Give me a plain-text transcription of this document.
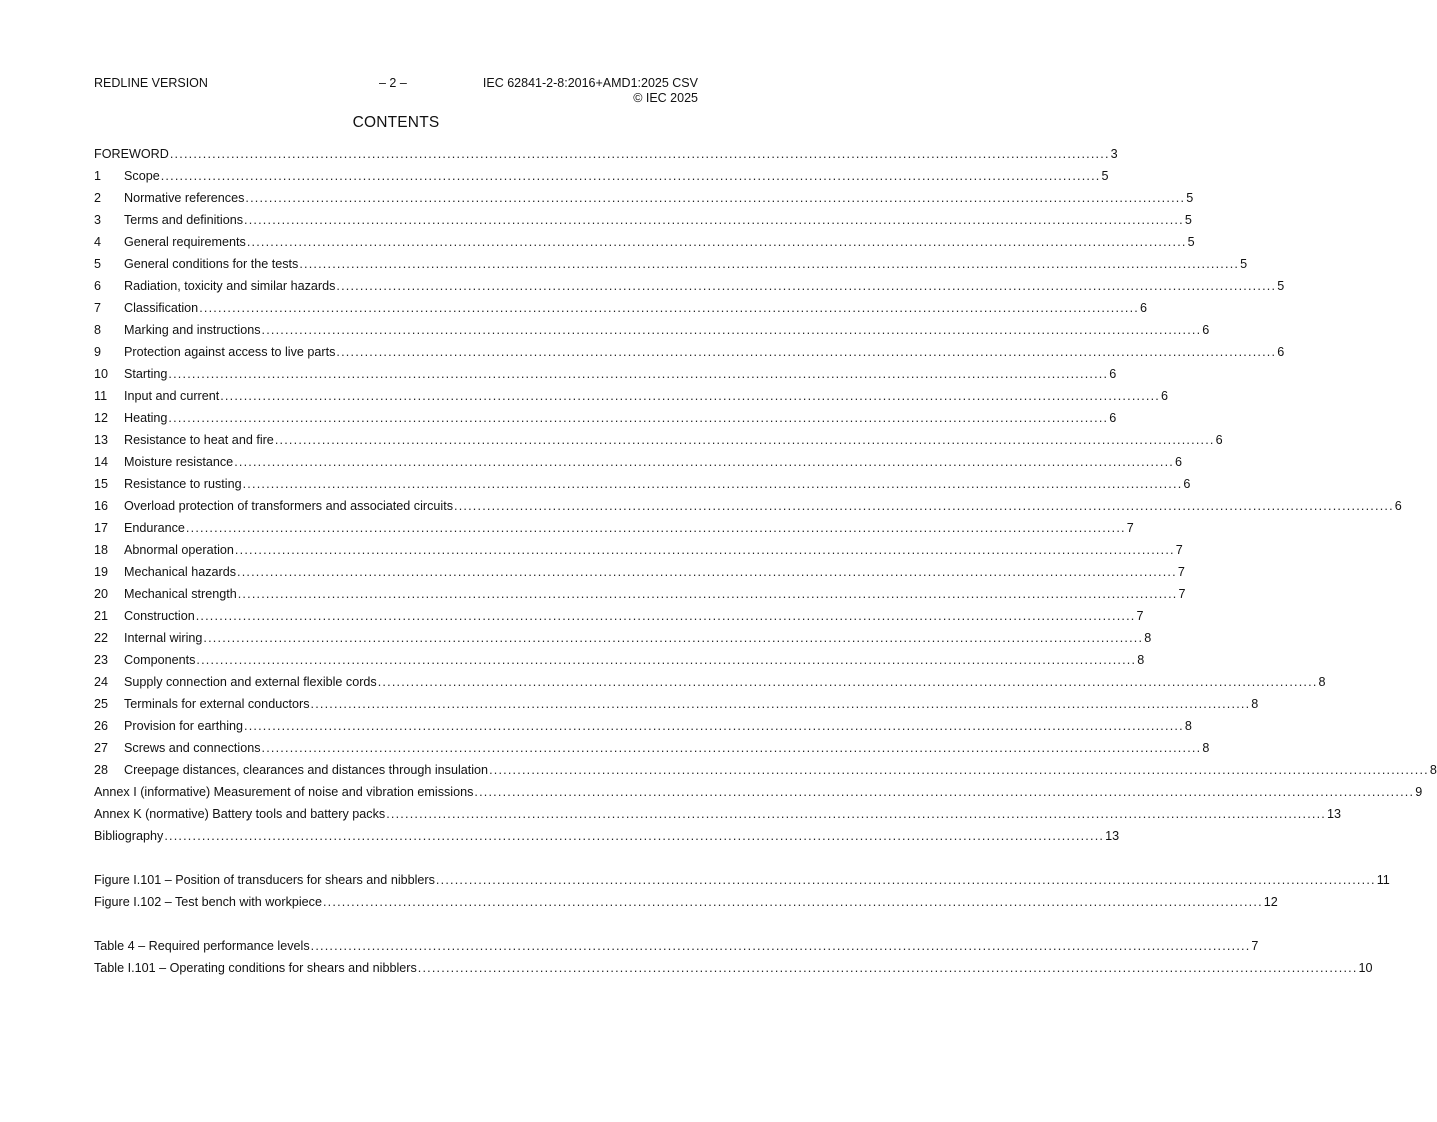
REDLINE VERSION	– 2 –	IEC 62841-2-8:2016+AMD1:2025 CSV
© IEC 2025
CONTENTS
FOREWORD ........................................................................................................................................................................................................ 3
1	Scope ........................................................................................................................................................................................................ 5
2	Normative references ........................................................................................................................................................................................................ 5
3	Terms and definitions ........................................................................................................................................................................................................ 5
4	General requirements ........................................................................................................................................................................................................ 5
5	General conditions for the tests ........................................................................................................................................................................................................ 5
6	Radiation, toxicity and similar hazards ........................................................................................................................................................................................................ 5
7	Classification ........................................................................................................................................................................................................ 6
8	Marking and instructions ........................................................................................................................................................................................................ 6
9	Protection against access to live parts ........................................................................................................................................................................................................ 6
10	Starting ........................................................................................................................................................................................................ 6
11	Input and current ........................................................................................................................................................................................................ 6
12	Heating ........................................................................................................................................................................................................ 6
13	Resistance to heat and fire ........................................................................................................................................................................................................ 6
14	Moisture resistance ........................................................................................................................................................................................................ 6
15	Resistance to rusting ........................................................................................................................................................................................................ 6
16	Overload protection of transformers and associated circuits ........................................................................................................................................................................................................ 6
17	Endurance ........................................................................................................................................................................................................ 7
18	Abnormal operation ........................................................................................................................................................................................................ 7
19	Mechanical hazards ........................................................................................................................................................................................................ 7
20	Mechanical strength ........................................................................................................................................................................................................ 7
21	Construction ........................................................................................................................................................................................................ 7
22	Internal wiring ........................................................................................................................................................................................................ 8
23	Components ........................................................................................................................................................................................................ 8
24	Supply connection and external flexible cords ........................................................................................................................................................................................................ 8
25	Terminals for external conductors ........................................................................................................................................................................................................ 8
26	Provision for earthing ........................................................................................................................................................................................................ 8
27	Screws and connections ........................................................................................................................................................................................................ 8
28	Creepage distances, clearances and distances through insulation ........................................................................................................................................................................................................ 8
Annex I (informative) Measurement of noise and vibration emissions ........................................................................................................................................................................................................ 9
Annex K (normative) Battery tools and battery packs ........................................................................................................................................................................................................ 13
Bibliography ........................................................................................................................................................................................................ 13
Figure I.101 – Position of transducers for shears and nibblers ........................................................................................................................................................................................................ 11
Figure I.102 – Test bench with workpiece ........................................................................................................................................................................................................ 12
Table 4 – Required performance levels ........................................................................................................................................................................................................ 7
Table I.101 – Operating conditions for shears and nibblers ........................................................................................................................................................................................................ 10
